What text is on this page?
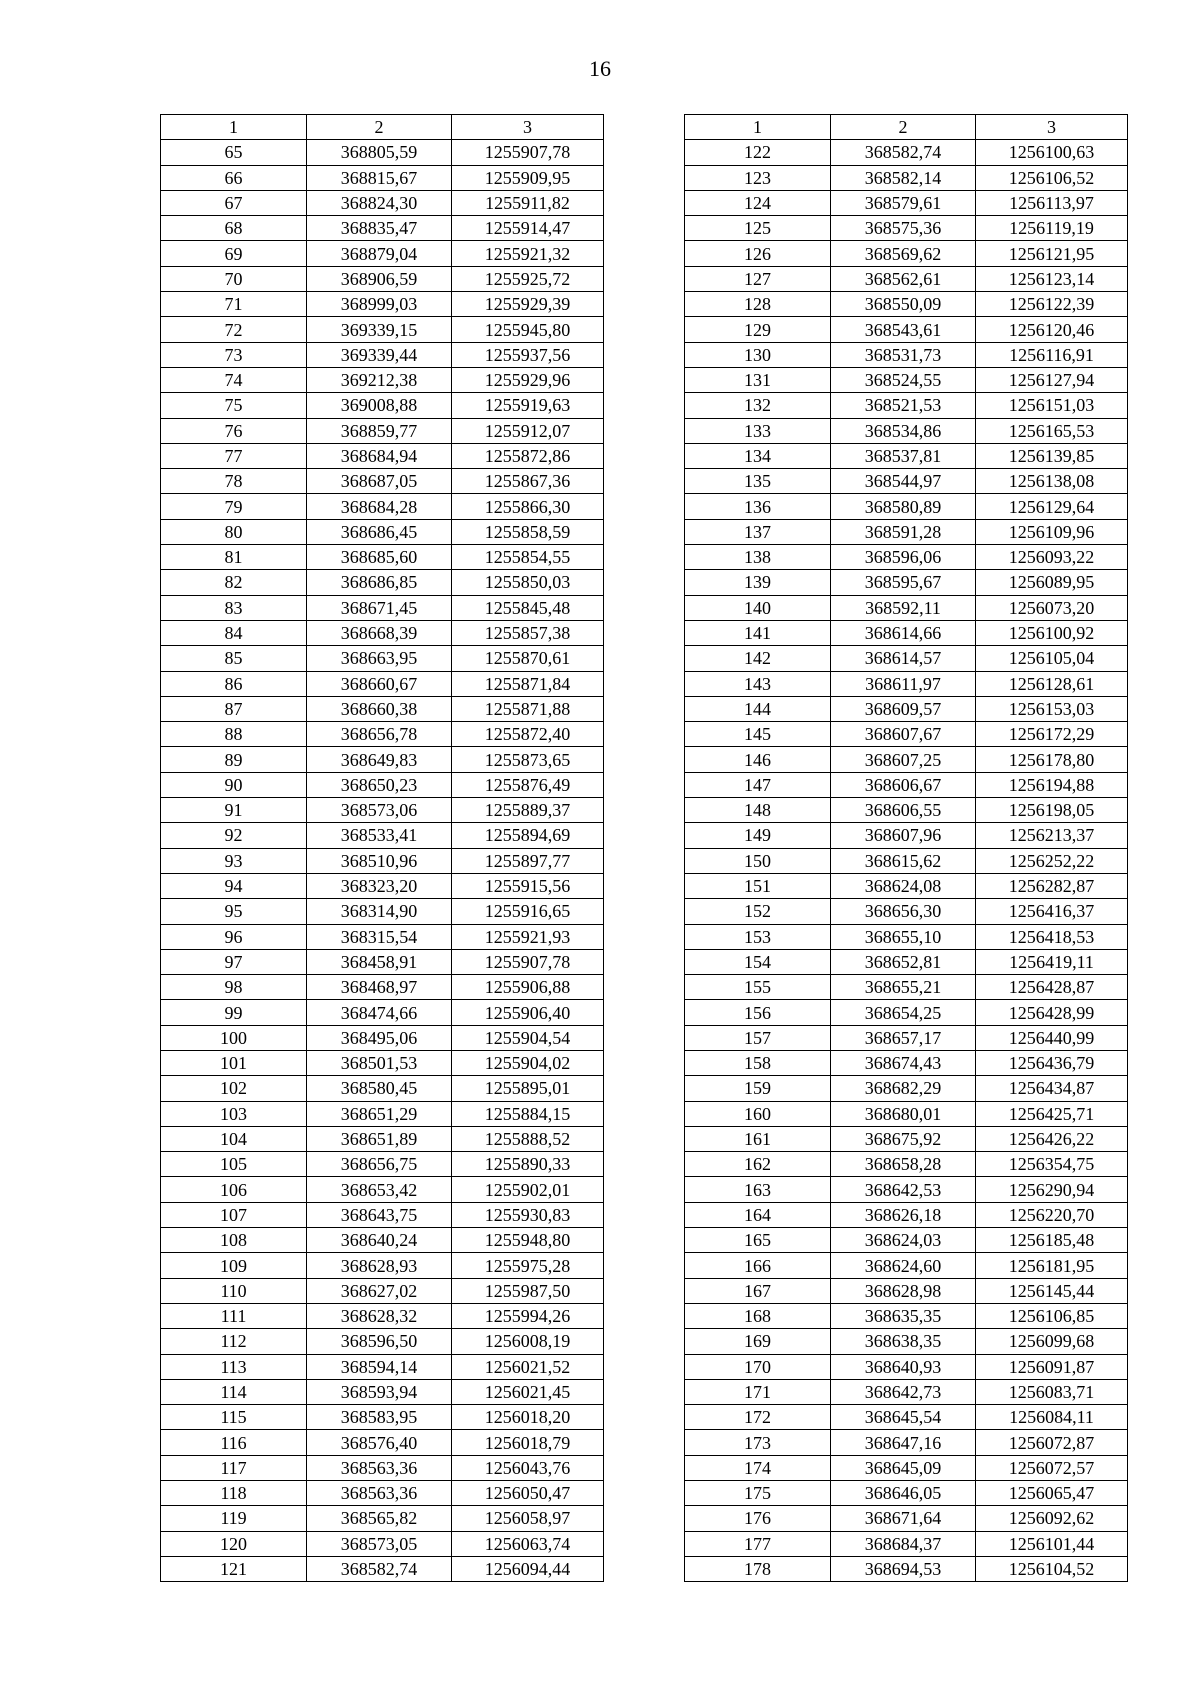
16
1	2	3
65	368805,59	1255907,78
66	368815,67	1255909,95
67	368824,30	1255911,82
68	368835,47	1255914,47
69	368879,04	1255921,32
70	368906,59	1255925,72
71	368999,03	1255929,39
72	369339,15	1255945,80
73	369339,44	1255937,56
74	369212,38	1255929,96
75	369008,88	1255919,63
76	368859,77	1255912,07
77	368684,94	1255872,86
78	368687,05	1255867,36
79	368684,28	1255866,30
80	368686,45	1255858,59
81	368685,60	1255854,55
82	368686,85	1255850,03
83	368671,45	1255845,48
84	368668,39	1255857,38
85	368663,95	1255870,61
86	368660,67	1255871,84
87	368660,38	1255871,88
88	368656,78	1255872,40
89	368649,83	1255873,65
90	368650,23	1255876,49
91	368573,06	1255889,37
92	368533,41	1255894,69
93	368510,96	1255897,77
94	368323,20	1255915,56
95	368314,90	1255916,65
96	368315,54	1255921,93
97	368458,91	1255907,78
98	368468,97	1255906,88
99	368474,66	1255906,40
100	368495,06	1255904,54
101	368501,53	1255904,02
102	368580,45	1255895,01
103	368651,29	1255884,15
104	368651,89	1255888,52
105	368656,75	1255890,33
106	368653,42	1255902,01
107	368643,75	1255930,83
108	368640,24	1255948,80
109	368628,93	1255975,28
110	368627,02	1255987,50
111	368628,32	1255994,26
112	368596,50	1256008,19
113	368594,14	1256021,52
114	368593,94	1256021,45
115	368583,95	1256018,20
116	368576,40	1256018,79
117	368563,36	1256043,76
118	368563,36	1256050,47
119	368565,82	1256058,97
120	368573,05	1256063,74
121	368582,74	1256094,44
1	2	3
122	368582,74	1256100,63
123	368582,14	1256106,52
124	368579,61	1256113,97
125	368575,36	1256119,19
126	368569,62	1256121,95
127	368562,61	1256123,14
128	368550,09	1256122,39
129	368543,61	1256120,46
130	368531,73	1256116,91
131	368524,55	1256127,94
132	368521,53	1256151,03
133	368534,86	1256165,53
134	368537,81	1256139,85
135	368544,97	1256138,08
136	368580,89	1256129,64
137	368591,28	1256109,96
138	368596,06	1256093,22
139	368595,67	1256089,95
140	368592,11	1256073,20
141	368614,66	1256100,92
142	368614,57	1256105,04
143	368611,97	1256128,61
144	368609,57	1256153,03
145	368607,67	1256172,29
146	368607,25	1256178,80
147	368606,67	1256194,88
148	368606,55	1256198,05
149	368607,96	1256213,37
150	368615,62	1256252,22
151	368624,08	1256282,87
152	368656,30	1256416,37
153	368655,10	1256418,53
154	368652,81	1256419,11
155	368655,21	1256428,87
156	368654,25	1256428,99
157	368657,17	1256440,99
158	368674,43	1256436,79
159	368682,29	1256434,87
160	368680,01	1256425,71
161	368675,92	1256426,22
162	368658,28	1256354,75
163	368642,53	1256290,94
164	368626,18	1256220,70
165	368624,03	1256185,48
166	368624,60	1256181,95
167	368628,98	1256145,44
168	368635,35	1256106,85
169	368638,35	1256099,68
170	368640,93	1256091,87
171	368642,73	1256083,71
172	368645,54	1256084,11
173	368647,16	1256072,87
174	368645,09	1256072,57
175	368646,05	1256065,47
176	368671,64	1256092,62
177	368684,37	1256101,44
178	368694,53	1256104,52
